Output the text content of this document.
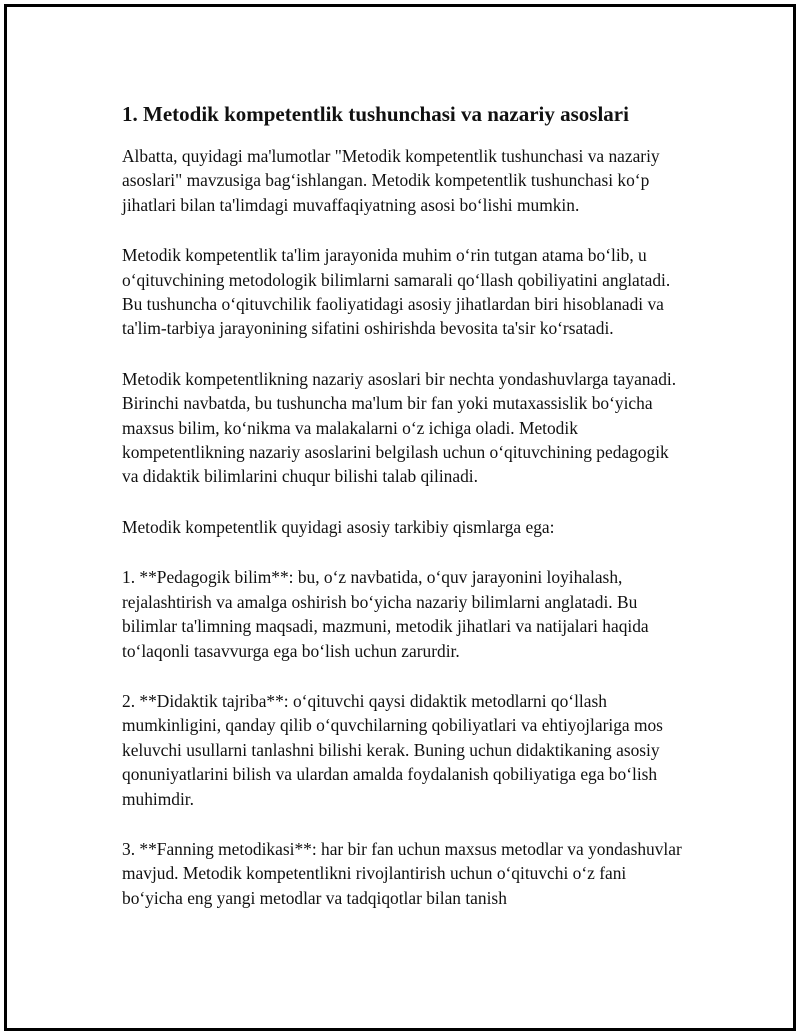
1. Metodik kompetentlik tushunchasi va nazariy asoslari

Albatta, quyidagi ma'lumotlar "Metodik kompetentlik tushunchasi va nazariy asoslari" mavzusiga bag‘ishlangan. Metodik kompetentlik tushunchasi ko‘p jihatlari bilan ta'limdagi muvaffaqiyatning asosi bo‘lishi mumkin.

Metodik kompetentlik ta'lim jarayonida muhim o‘rin tutgan atama bo‘lib, u o‘qituvchining metodologik bilimlarni samarali qo‘llash qobiliyatini anglatadi. Bu tushuncha o‘qituvchilik faoliyatidagi asosiy jihatlardan biri hisoblanadi va ta'lim-tarbiya jarayonining sifatini oshirishda bevosita ta'sir ko‘rsatadi.

Metodik kompetentlikning nazariy asoslari bir nechta yondashuvlarga tayanadi. Birinchi navbatda, bu tushuncha ma'lum bir fan yoki mutaxassislik bo‘yicha maxsus bilim, ko‘nikma va malakalarni o‘z ichiga oladi. Metodik kompetentlikning nazariy asoslarini belgilash uchun o‘qituvchining pedagogik va didaktik bilimlarini chuqur bilishi talab qilinadi.

Metodik kompetentlik quyidagi asosiy tarkibiy qismlarga ega:

1. **Pedagogik bilim**: bu, o‘z navbatida, o‘quv jarayonini loyihalash, rejalashtirish va amalga oshirish bo‘yicha nazariy bilimlarni anglatadi. Bu bilimlar ta'limning maqsadi, mazmuni, metodik jihatlari va natijalari haqida to‘laqonli tasavvurga ega bo‘lish uchun zarurdir.

2. **Didaktik tajriba**: o‘qituvchi qaysi didaktik metodlarni qo‘llash mumkinligini, qanday qilib o‘quvchilarning qobiliyatlari va ehtiyojlariga mos keluvchi usullarni tanlashni bilishi kerak. Buning uchun didaktikaning asosiy qonuniyatlarini bilish va ulardan amalda foydalanish qobiliyatiga ega bo‘lish muhimdir.

3. **Fanning metodikasi**: har bir fan uchun maxsus metodlar va yondashuvlar mavjud. Metodik kompetentlikni rivojlantirish uchun o‘qituvchi o‘z fani bo‘yicha eng yangi metodlar va tadqiqotlar bilan tanish
